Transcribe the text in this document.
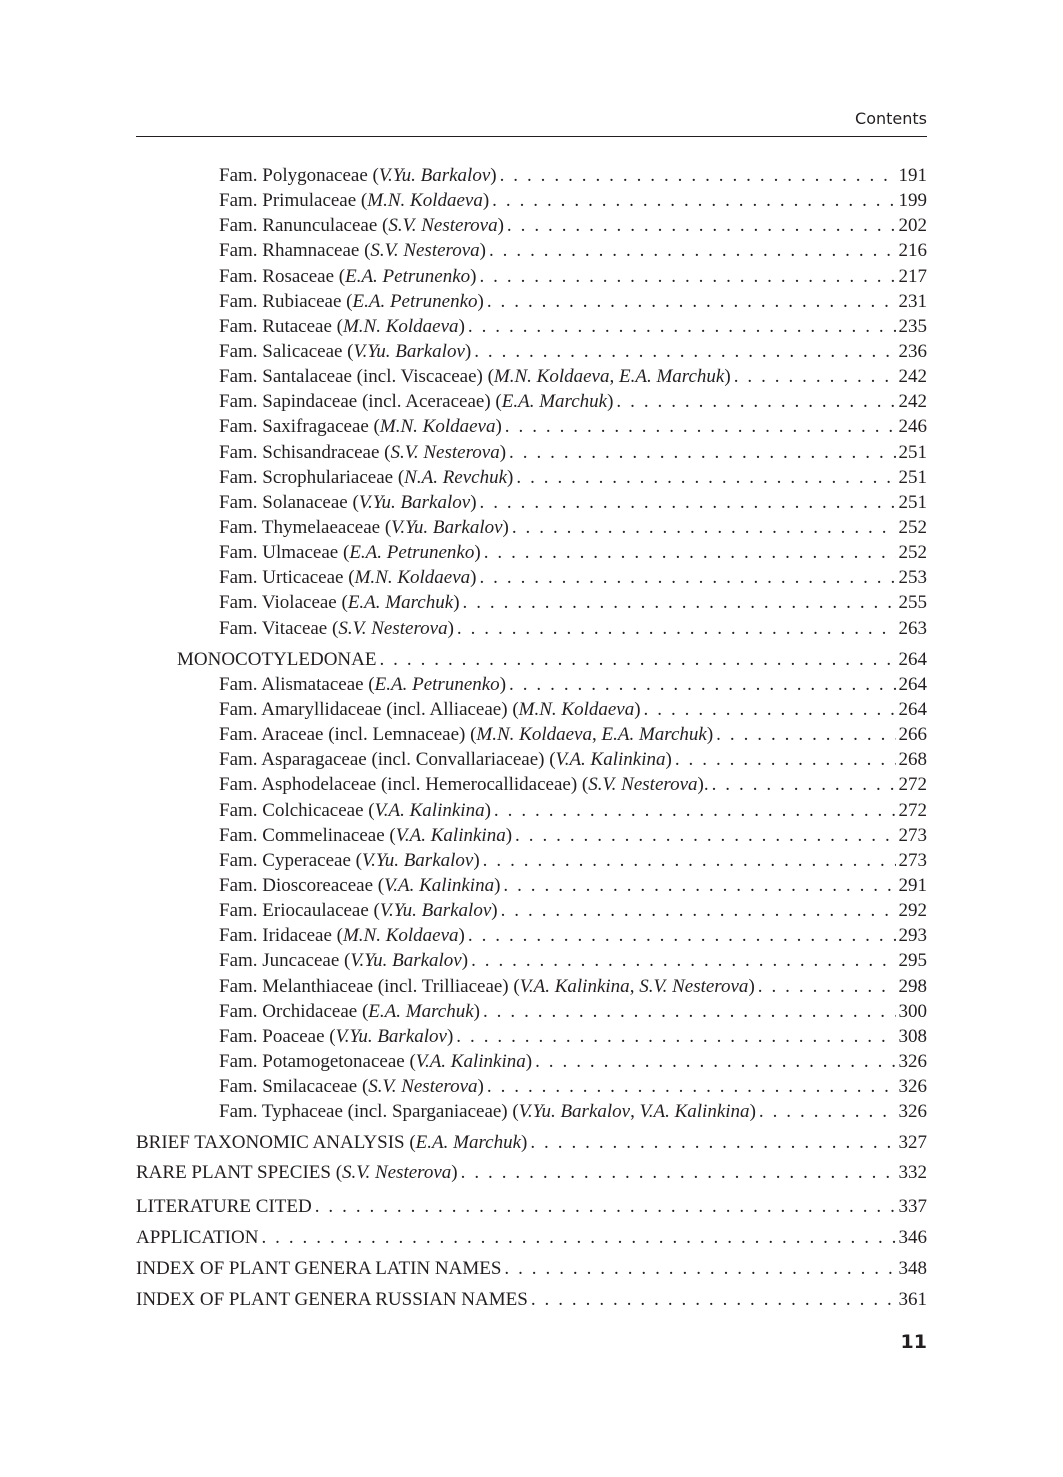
Contents
Fam. Polygonaceae (V.Yu. Barkalov) . . .	191
Fam. Primulaceae (M.N. Koldaeva) . . .	199
Fam. Ranunculaceae (S.V. Nesterova) . . .	202
Fam. Rhamnaceae (S.V. Nesterova) . . .	216
Fam. Rosaceae (E.A. Petrunenko) . . .	217
Fam. Rubiaceae (E.A. Petrunenko) . . .	231
Fam. Rutaceae (M.N. Koldaeva) . . .	235
Fam. Salicaceae (V.Yu. Barkalov) . . .	236
Fam. Santalaceae (incl. Viscaceae) (M.N. Koldaeva, E.A. Marchuk) . . .	242
Fam. Sapindaceae (incl. Aceraceae) (E.A. Marchuk) . . .	242
Fam. Saxifragaceae (M.N. Koldaeva) . . .	246
Fam. Schisandraceae (S.V. Nesterova) . . .	251
Fam. Scrophulariaceae (N.A. Revchuk) . . .	251
Fam. Solanaceae (V.Yu. Barkalov) . . .	251
Fam. Thymelaeaceae (V.Yu. Barkalov) . . .	252
Fam. Ulmaceae (E.A. Petrunenko) . . .	252
Fam. Urticaceae (M.N. Koldaeva) . . .	253
Fam. Violaceae (E.A. Marchuk) . . .	255
Fam. Vitaceae (S.V. Nesterova) . . .	263
MONOCOTYLEDONAE . . .	264
Fam. Alismataceae (E.A. Petrunenko) . . .	264
Fam. Amaryllidaceae (incl. Alliaceae) (M.N. Koldaeva) . . .	264
Fam. Araceae (incl. Lemnaceae) (M.N. Koldaeva, E.A. Marchuk) . . .	266
Fam. Asparagaceae (incl. Convallariaceae) (V.A. Kalinkina) . . .	268
Fam. Asphodelaceae (incl. Hemerocallidaceae) (S.V. Nesterova). . . .	272
Fam. Colchicaceae (V.A. Kalinkina) . . .	272
Fam. Commelinaceae (V.A. Kalinkina) . . .	273
Fam. Cyperaceae (V.Yu. Barkalov) . . .	273
Fam. Dioscoreaceae (V.A. Kalinkina) . . .	291
Fam. Eriocaulaceae (V.Yu. Barkalov) . . .	292
Fam. Iridaceae (M.N. Koldaeva) . . .	293
Fam. Juncaceae (V.Yu. Barkalov) . . .	295
Fam. Melanthiaceae (incl. Trilliaceae) (V.A. Kalinkina, S.V. Nesterova) . . .	298
Fam. Orchidaceae (E.A. Marchuk) . . .	300
Fam. Poaceae (V.Yu. Barkalov) . . .	308
Fam. Potamogetonaceae (V.A. Kalinkina) . . .	326
Fam. Smilacaceae (S.V. Nesterova) . . .	326
Fam. Typhaceae (incl. Sparganiaceae) (V.Yu. Barkalov, V.A. Kalinkina) . . .	326
BRIEF TAXONOMIC ANALYSIS (E.A. Marchuk) . . .	327
RARE PLANT SPECIES (S.V. Nesterova) . . .	332
LITERATURE CITED . . .	337
APPLICATION . . .	346
INDEX OF PLANT GENERA LATIN NAMES . . .	348
INDEX OF PLANT GENERA RUSSIAN NAMES . . .	361
11
